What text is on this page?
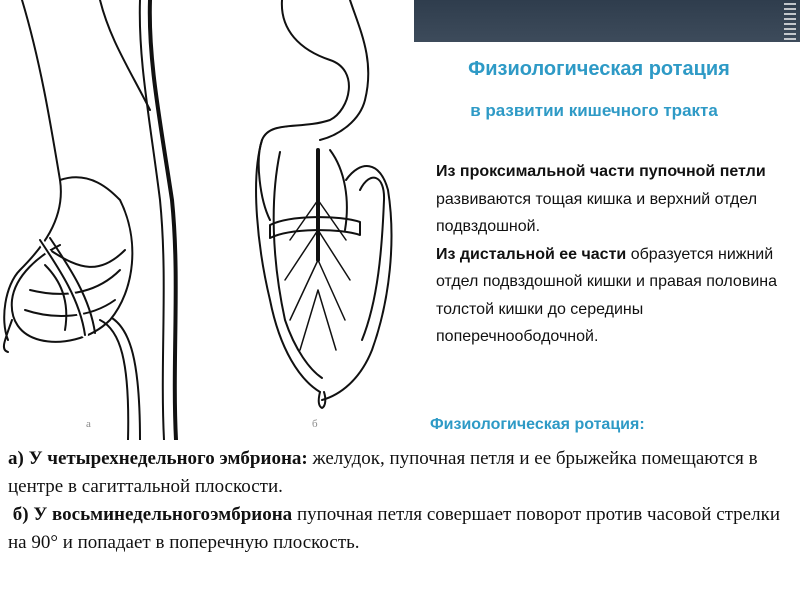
а	б
Физиологическая ротация
в развитии кишечного тракта

Из проксимальной части пупочной петли развиваются тощая кишка и верхний отдел подвздошной.

Из дистальной ее части образуется нижний отдел подвздошной кишки и правая половина толстой кишки до середины поперечноободочной.

Физиологическая ротация:

а) У четырехнедельного эмбриона: желудок, пупочная петля и ее брыжейка помещаются в центре в сагиттальной плоскости.

б) У восьминедельногоэмбриона пупочная петля совершает поворот против часовой стрелки на 90° и попадает в поперечную плоскость.
